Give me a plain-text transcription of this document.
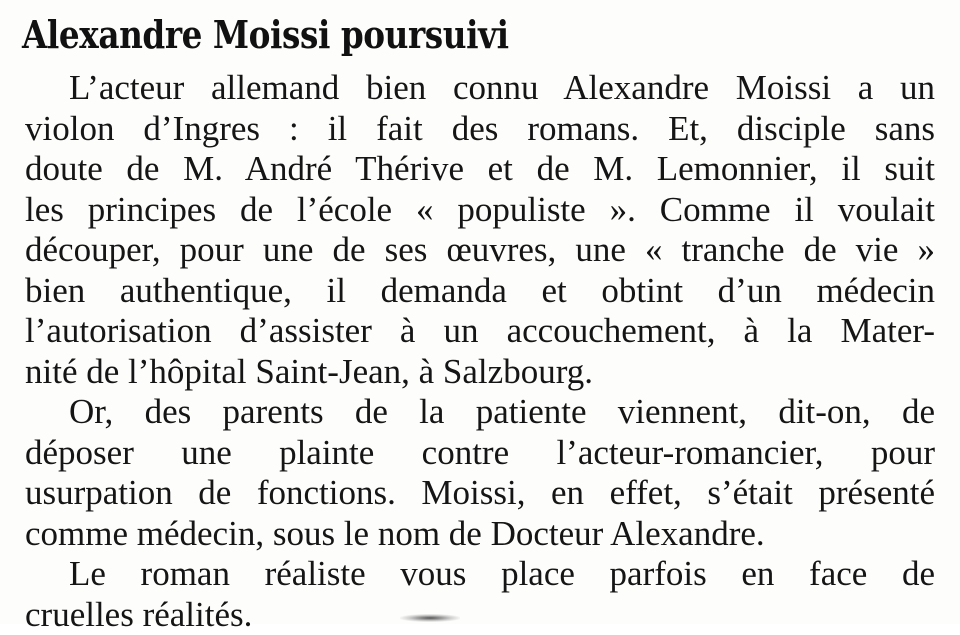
Alexandre Moissi poursuivi
L’acteur allemand bien connu Alexandre Moissi a un
violon d’Ingres : il fait des romans. Et, disciple sans
doute de M. André Thérive et de M. Lemonnier, il suit
les principes de l’école « populiste ». Comme il voulait
découper, pour une de ses œuvres, une « tranche de vie »
bien authentique, il demanda et obtint d’un médecin
l’autorisation d’assister à un accouchement, à la Mater-
nité de l’hôpital Saint-Jean, à Salzbourg.
Or, des parents de la patiente viennent, dit-on, de
déposer une plainte contre l’acteur-romancier, pour
usurpation de fonctions. Moissi, en effet, s’était présenté
comme médecin, sous le nom de Docteur Alexandre.
Le roman réaliste vous place parfois en face de
cruelles réalités.
